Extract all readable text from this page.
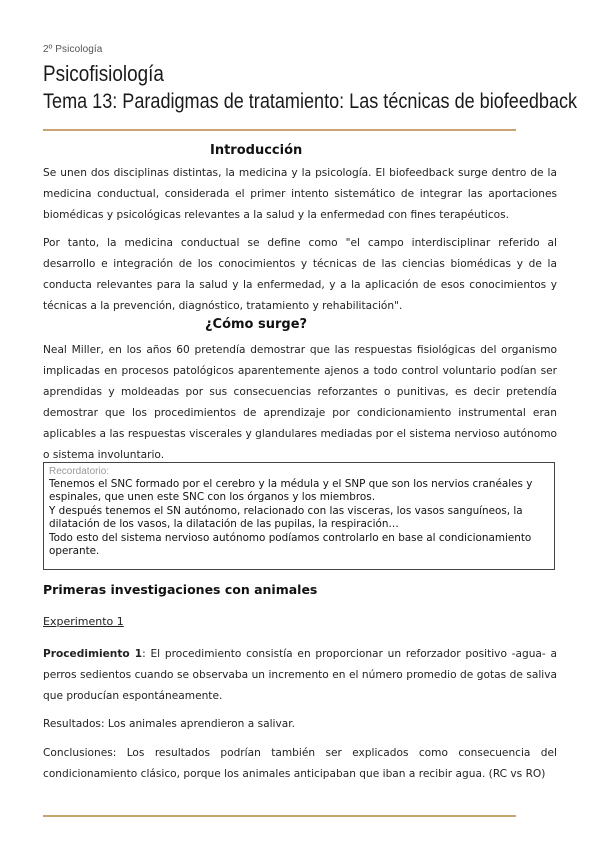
2º Psicología
Psicofisiología
Tema 13: Paradigmas de tratamiento: Las técnicas de biofeedback
Introducción
Se unen dos disciplinas distintas, la medicina y la psicología. El biofeedback surge dentro de la medicina conductual, considerada el primer intento sistemático de integrar las aportaciones biomédicas y psicológicas relevantes a la salud y la enfermedad con fines terapéuticos.
Por tanto, la medicina conductual se define como "el campo interdisciplinar referido al desarrollo e integración de los conocimientos y técnicas de las ciencias biomédicas y de la conducta relevantes para la salud y la enfermedad, y a la aplicación de esos conocimientos y técnicas a la prevención, diagnóstico, tratamiento y rehabilitación".
¿Cómo surge?
Neal Miller, en los años 60 pretendía demostrar que las respuestas fisiológicas del organismo implicadas en procesos patológicos aparentemente ajenos a todo control voluntario podían ser aprendidas y moldeadas por sus consecuencias reforzantes o punitivas, es decir pretendía demostrar que los procedimientos de aprendizaje por condicionamiento instrumental eran aplicables a las respuestas viscerales y glandulares mediadas por el sistema nervioso autónomo o sistema involuntario.
Recordatorio:
Tenemos el SNC formado por el cerebro y la médula y el SNP que son los nervios cranéales y espinales, que unen este SNC con los órganos y los miembros.
Y después tenemos el SN autónomo, relacionado con las visceras, los vasos sanguíneos, la dilatación de los vasos, la dilatación de las pupilas, la respiración…
Todo esto del sistema nervioso autónomo podíamos controlarlo en base al condicionamiento operante.
Primeras investigaciones con animales
Experimento 1
Procedimiento 1: El procedimiento consistía en proporcionar un reforzador positivo -agua- a perros sedientos cuando se observaba un incremento en el número promedio de gotas de saliva que producían espontáneamente.
Resultados: Los animales aprendieron a salivar.
Conclusiones: Los resultados podrían también ser explicados como consecuencia del condicionamiento clásico, porque los animales anticipaban que iban a recibir agua. (RC vs RO)
